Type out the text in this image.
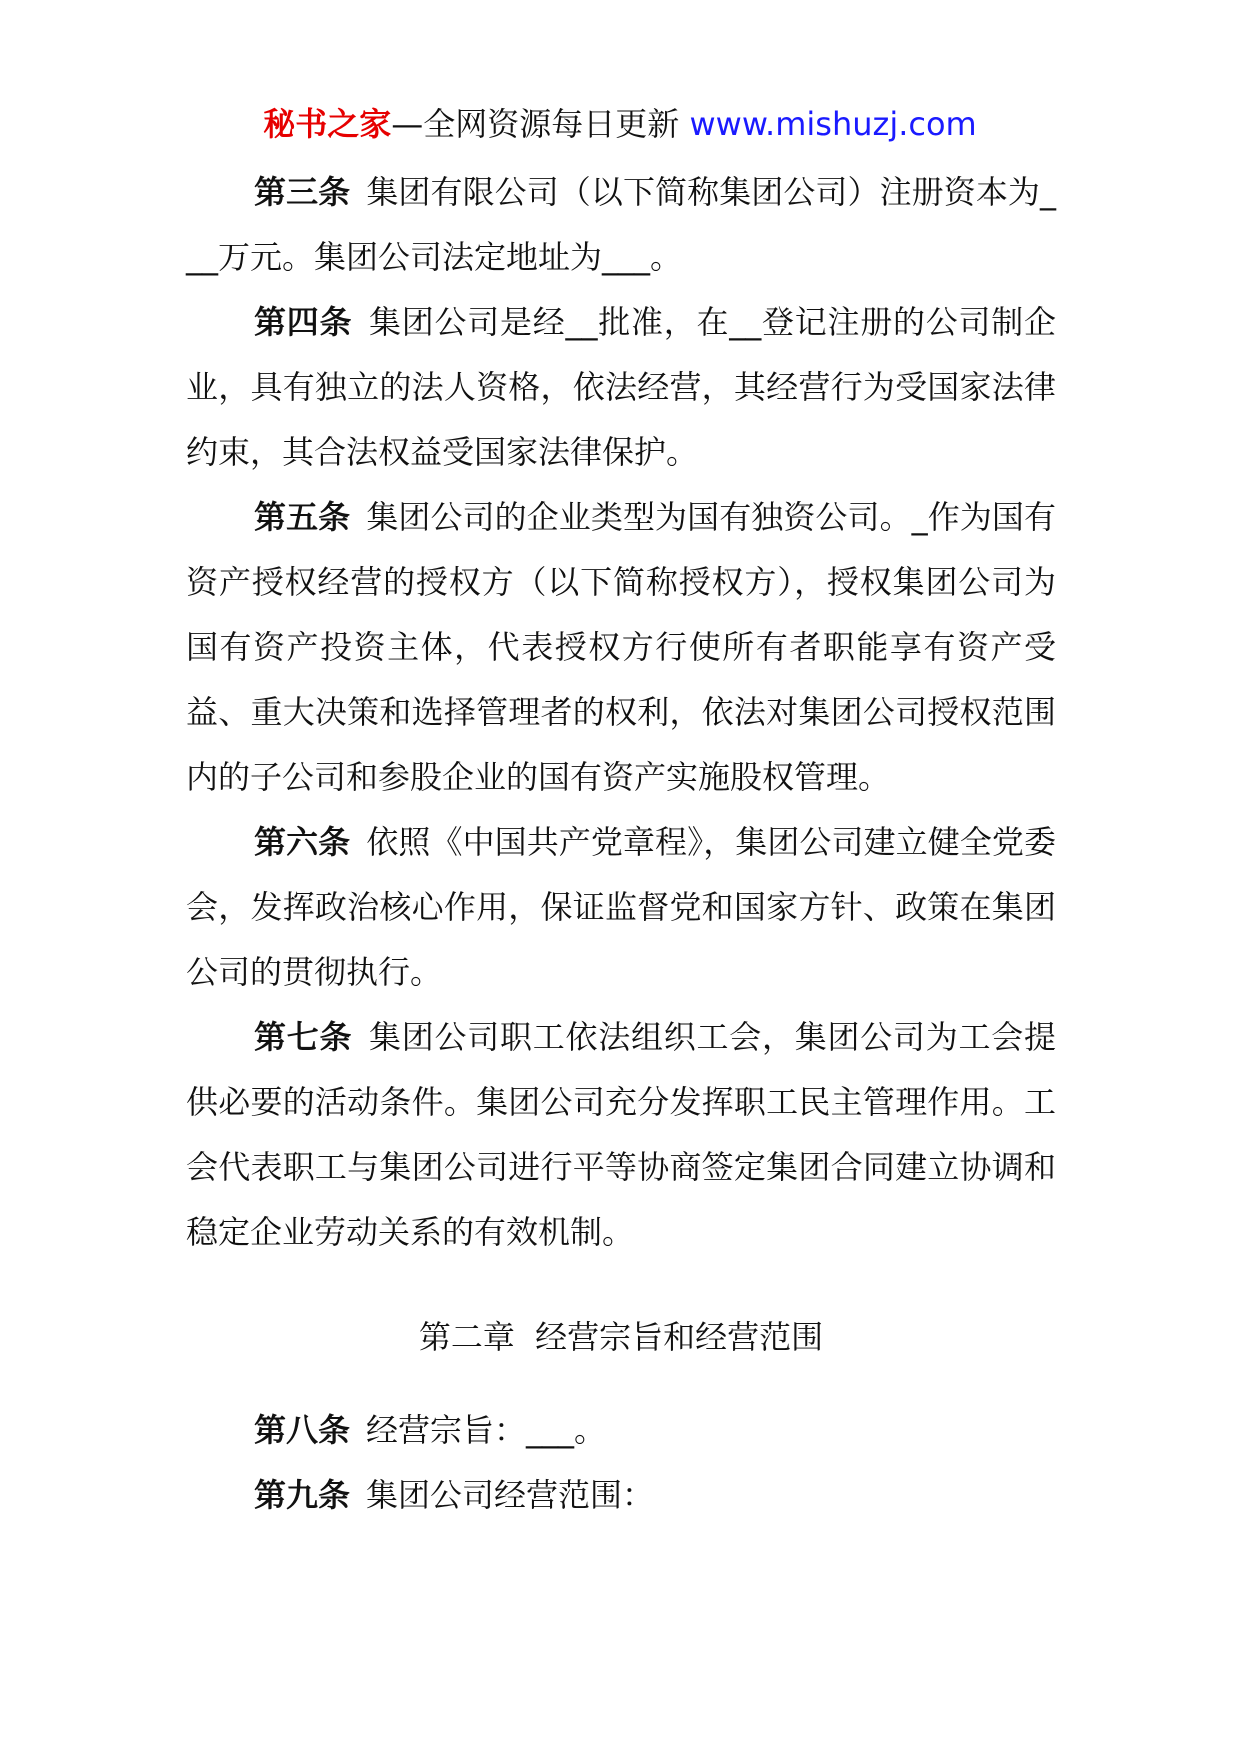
秘书之家—全网资源每日更新 www.mishuzj.com

第三条 集团有限公司（以下简称集团公司）注册资本为___万元。集团公司法定地址为___。

第四条 集团公司是经__批准，在__登记注册的公司制企业，具有独立的法人资格，依法经营，其经营行为受国家法律约束，其合法权益受国家法律保护。

第五条 集团公司的企业类型为国有独资公司。_作为国有资产授权经营的授权方（以下简称授权方），授权集团公司为国有资产投资主体，代表授权方行使所有者职能享有资产受益、重大决策和选择管理者的权利，依法对集团公司授权范围内的子公司和参股企业的国有资产实施股权管理。

第六条 依照《中国共产党章程》，集团公司建立健全党委会，发挥政治核心作用，保证监督党和国家方针、政策在集团公司的贯彻执行。

第七条 集团公司职工依法组织工会，集团公司为工会提供必要的活动条件。集团公司充分发挥职工民主管理作用。工会代表职工与集团公司进行平等协商签定集团合同建立协调和稳定企业劳动关系的有效机制。

第二章  经营宗旨和经营范围

第八条 经营宗旨：___。

第九条 集团公司经营范围：
